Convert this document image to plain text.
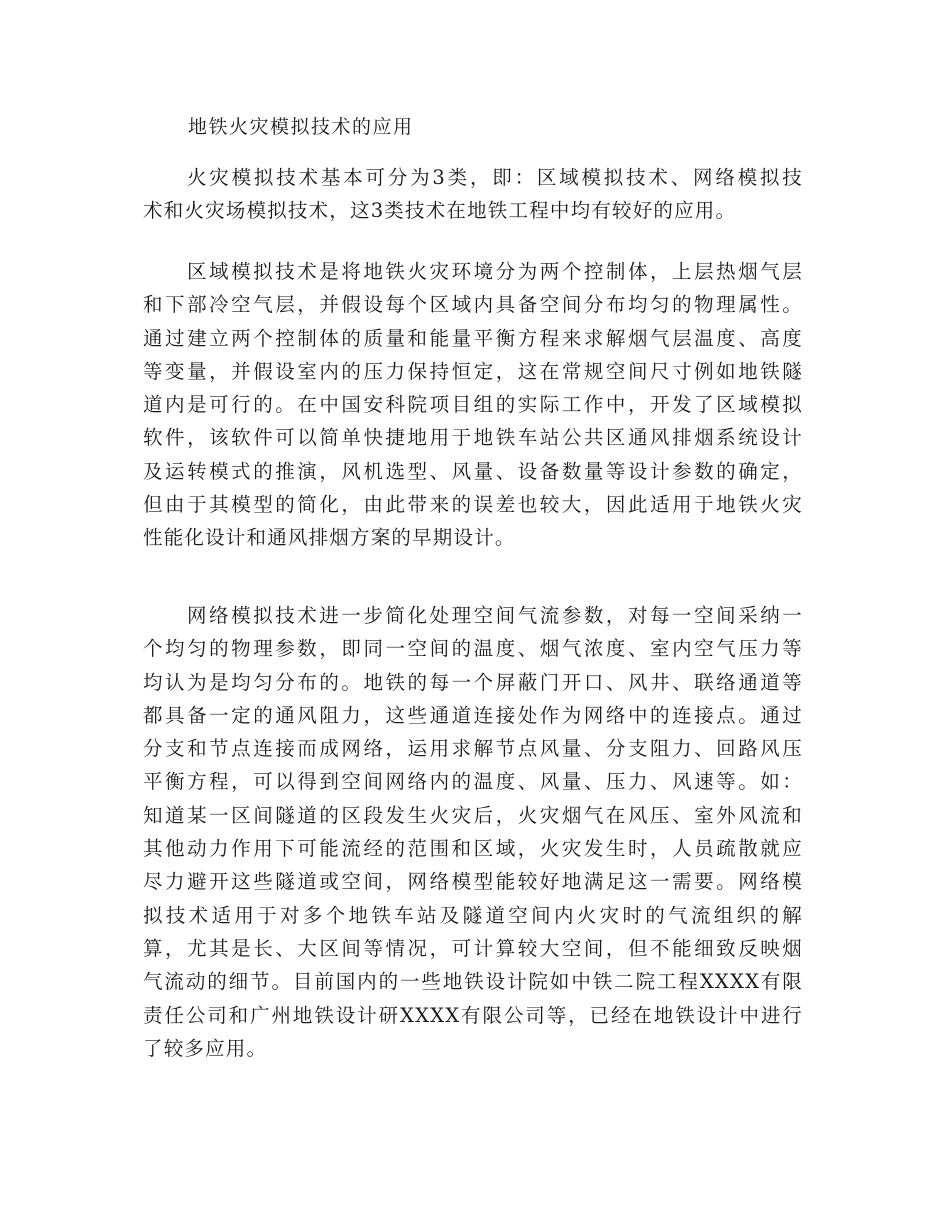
地铁火灾模拟技术的应用
火灾模拟技术基本可分为3类，即：区域模拟技术、网络模拟技
术和火灾场模拟技术，这3类技术在地铁工程中均有较好的应用。
区域模拟技术是将地铁火灾环境分为两个控制体，上层热烟气层
和下部冷空气层，并假设每个区域内具备空间分布均匀的物理属性。
通过建立两个控制体的质量和能量平衡方程来求解烟气层温度、高度
等变量，并假设室内的压力保持恒定，这在常规空间尺寸例如地铁隧
道内是可行的。在中国安科院项目组的实际工作中，开发了区域模拟
软件，该软件可以简单快捷地用于地铁车站公共区通风排烟系统设计
及运转模式的推演，风机选型、风量、设备数量等设计参数的确定，
但由于其模型的简化，由此带来的误差也较大，因此适用于地铁火灾
性能化设计和通风排烟方案的早期设计。
网络模拟技术进一步简化处理空间气流参数，对每一空间采纳一
个均匀的物理参数，即同一空间的温度、烟气浓度、室内空气压力等
均认为是均匀分布的。地铁的每一个屏蔽门开口、风井、联络通道等
都具备一定的通风阻力，这些通道连接处作为网络中的连接点。通过
分支和节点连接而成网络，运用求解节点风量、分支阻力、回路风压
平衡方程，可以得到空间网络内的温度、风量、压力、风速等。如：
知道某一区间隧道的区段发生火灾后，火灾烟气在风压、室外风流和
其他动力作用下可能流经的范围和区域，火灾发生时，人员疏散就应
尽力避开这些隧道或空间，网络模型能较好地满足这一需要。网络模
拟技术适用于对多个地铁车站及隧道空间内火灾时的气流组织的解
算，尤其是长、大区间等情况，可计算较大空间，但不能细致反映烟
气流动的细节。目前国内的一些地铁设计院如中铁二院工程XXXX有限
责任公司和广州地铁设计研XXXX有限公司等，已经在地铁设计中进行
了较多应用。
